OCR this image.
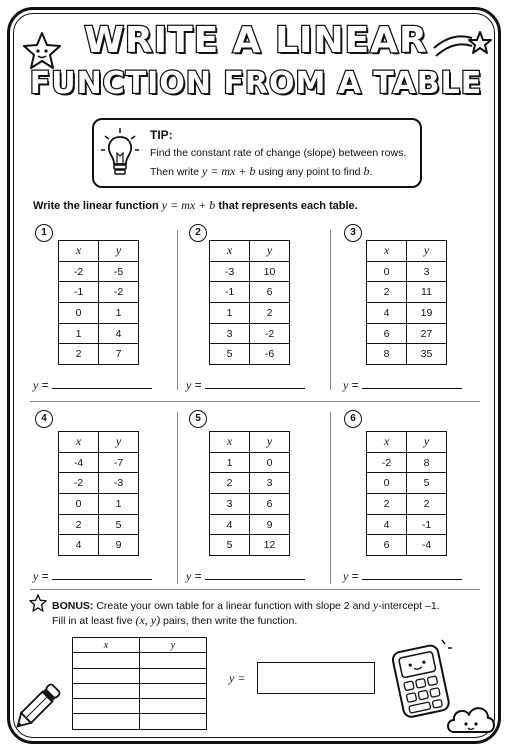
WRITE A LINEAR
FUNCTION FROM A TABLE
TIP:
Find the constant rate of change (slope) between rows.
Then write y = mx + b using any point to find b.
Write the linear function y = mx + b that represents each table.
1
x	y
-2	-5
-1	-2
0	1
1	4
2	7
y =
2
x	y
-3	10
-1	6
1	2
3	-2
5	-6
y =
3
x	y
0	3
2	11
4	19
6	27
8	35
y =
4
x	y
-4	-7
-2	-3
0	1
2	5
4	9
y =
5
x	y
1	0
2	3
3	6
4	9
5	12
y =
6
x	y
-2	8
0	5
2	2
4	-1
6	-4
y =
BONUS: Create your own table for a linear function with slope 2 and y-intercept –1.
Fill in at least five (x, y) pairs, then write the function.
x	y

y =
